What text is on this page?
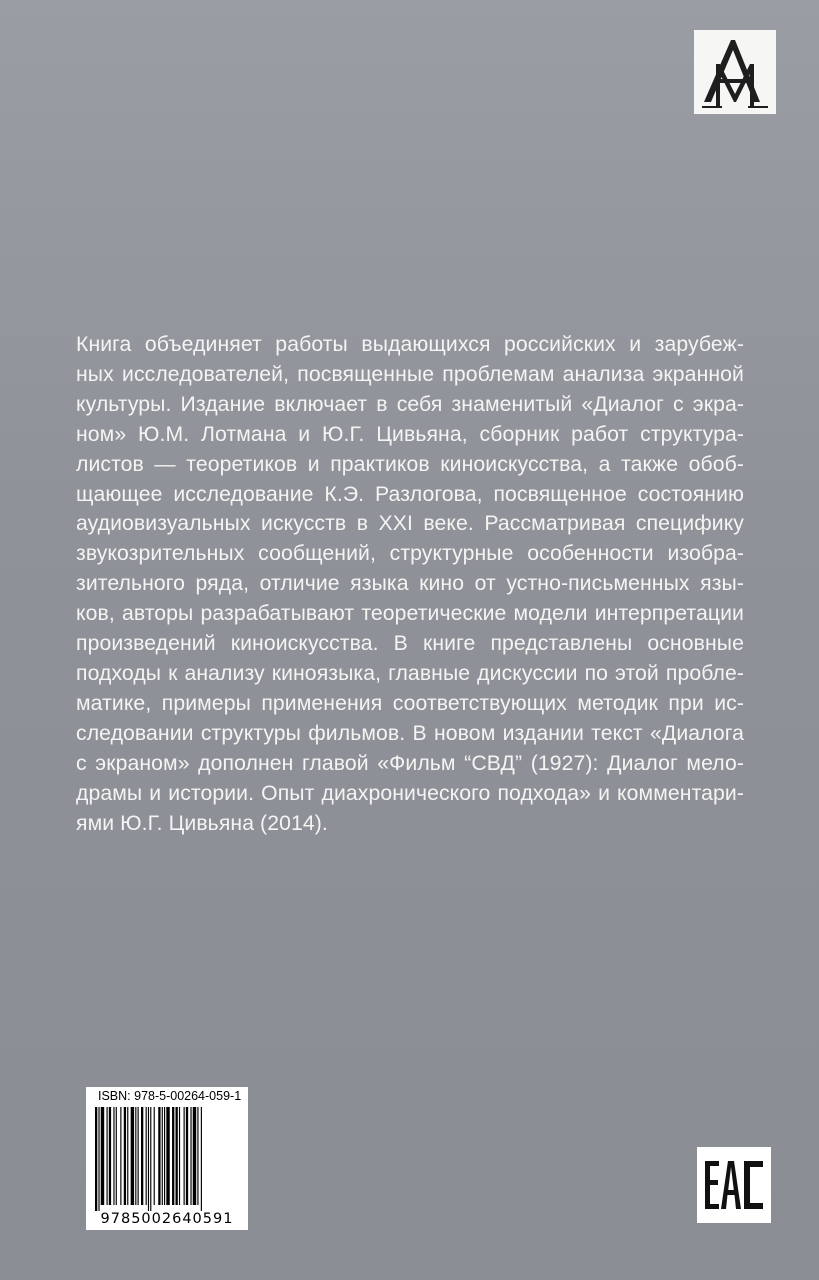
Книга объединяет работы выдающихся российских и зарубеж-
ных исследователей, посвященные проблемам анализа экранной
культуры. Издание включает в себя знаменитый «Диалог с экра-
ном» Ю.М. Лотмана и Ю.Г. Цивьяна, сборник работ структура-
листов — теоретиков и практиков киноискусства, а также обоб-
щающее исследование К.Э. Разлогова, посвященное состоянию
аудиовизуальных искусств в XXI веке. Рассматривая специфику
звукозрительных сообщений, структурные особенности изобра-
зительного ряда, отличие языка кино от устно-письменных язы-
ков, авторы разрабатывают теоретические модели интерпретации
произведений киноискусства. В книге представлены основные
подходы к анализу киноязыка, главные дискуссии по этой пробле-
матике, примеры применения соответствующих методик при ис-
следовании структуры фильмов. В новом издании текст «Диалога
с экраном» дополнен главой «Фильм “СВД” (1927): Диалог мело-
драмы и истории. Опыт диахронического подхода» и комментари-
ями Ю.Г. Цивьяна (2014).
ISBN: 978-5-00264-059-1
9785002640591
